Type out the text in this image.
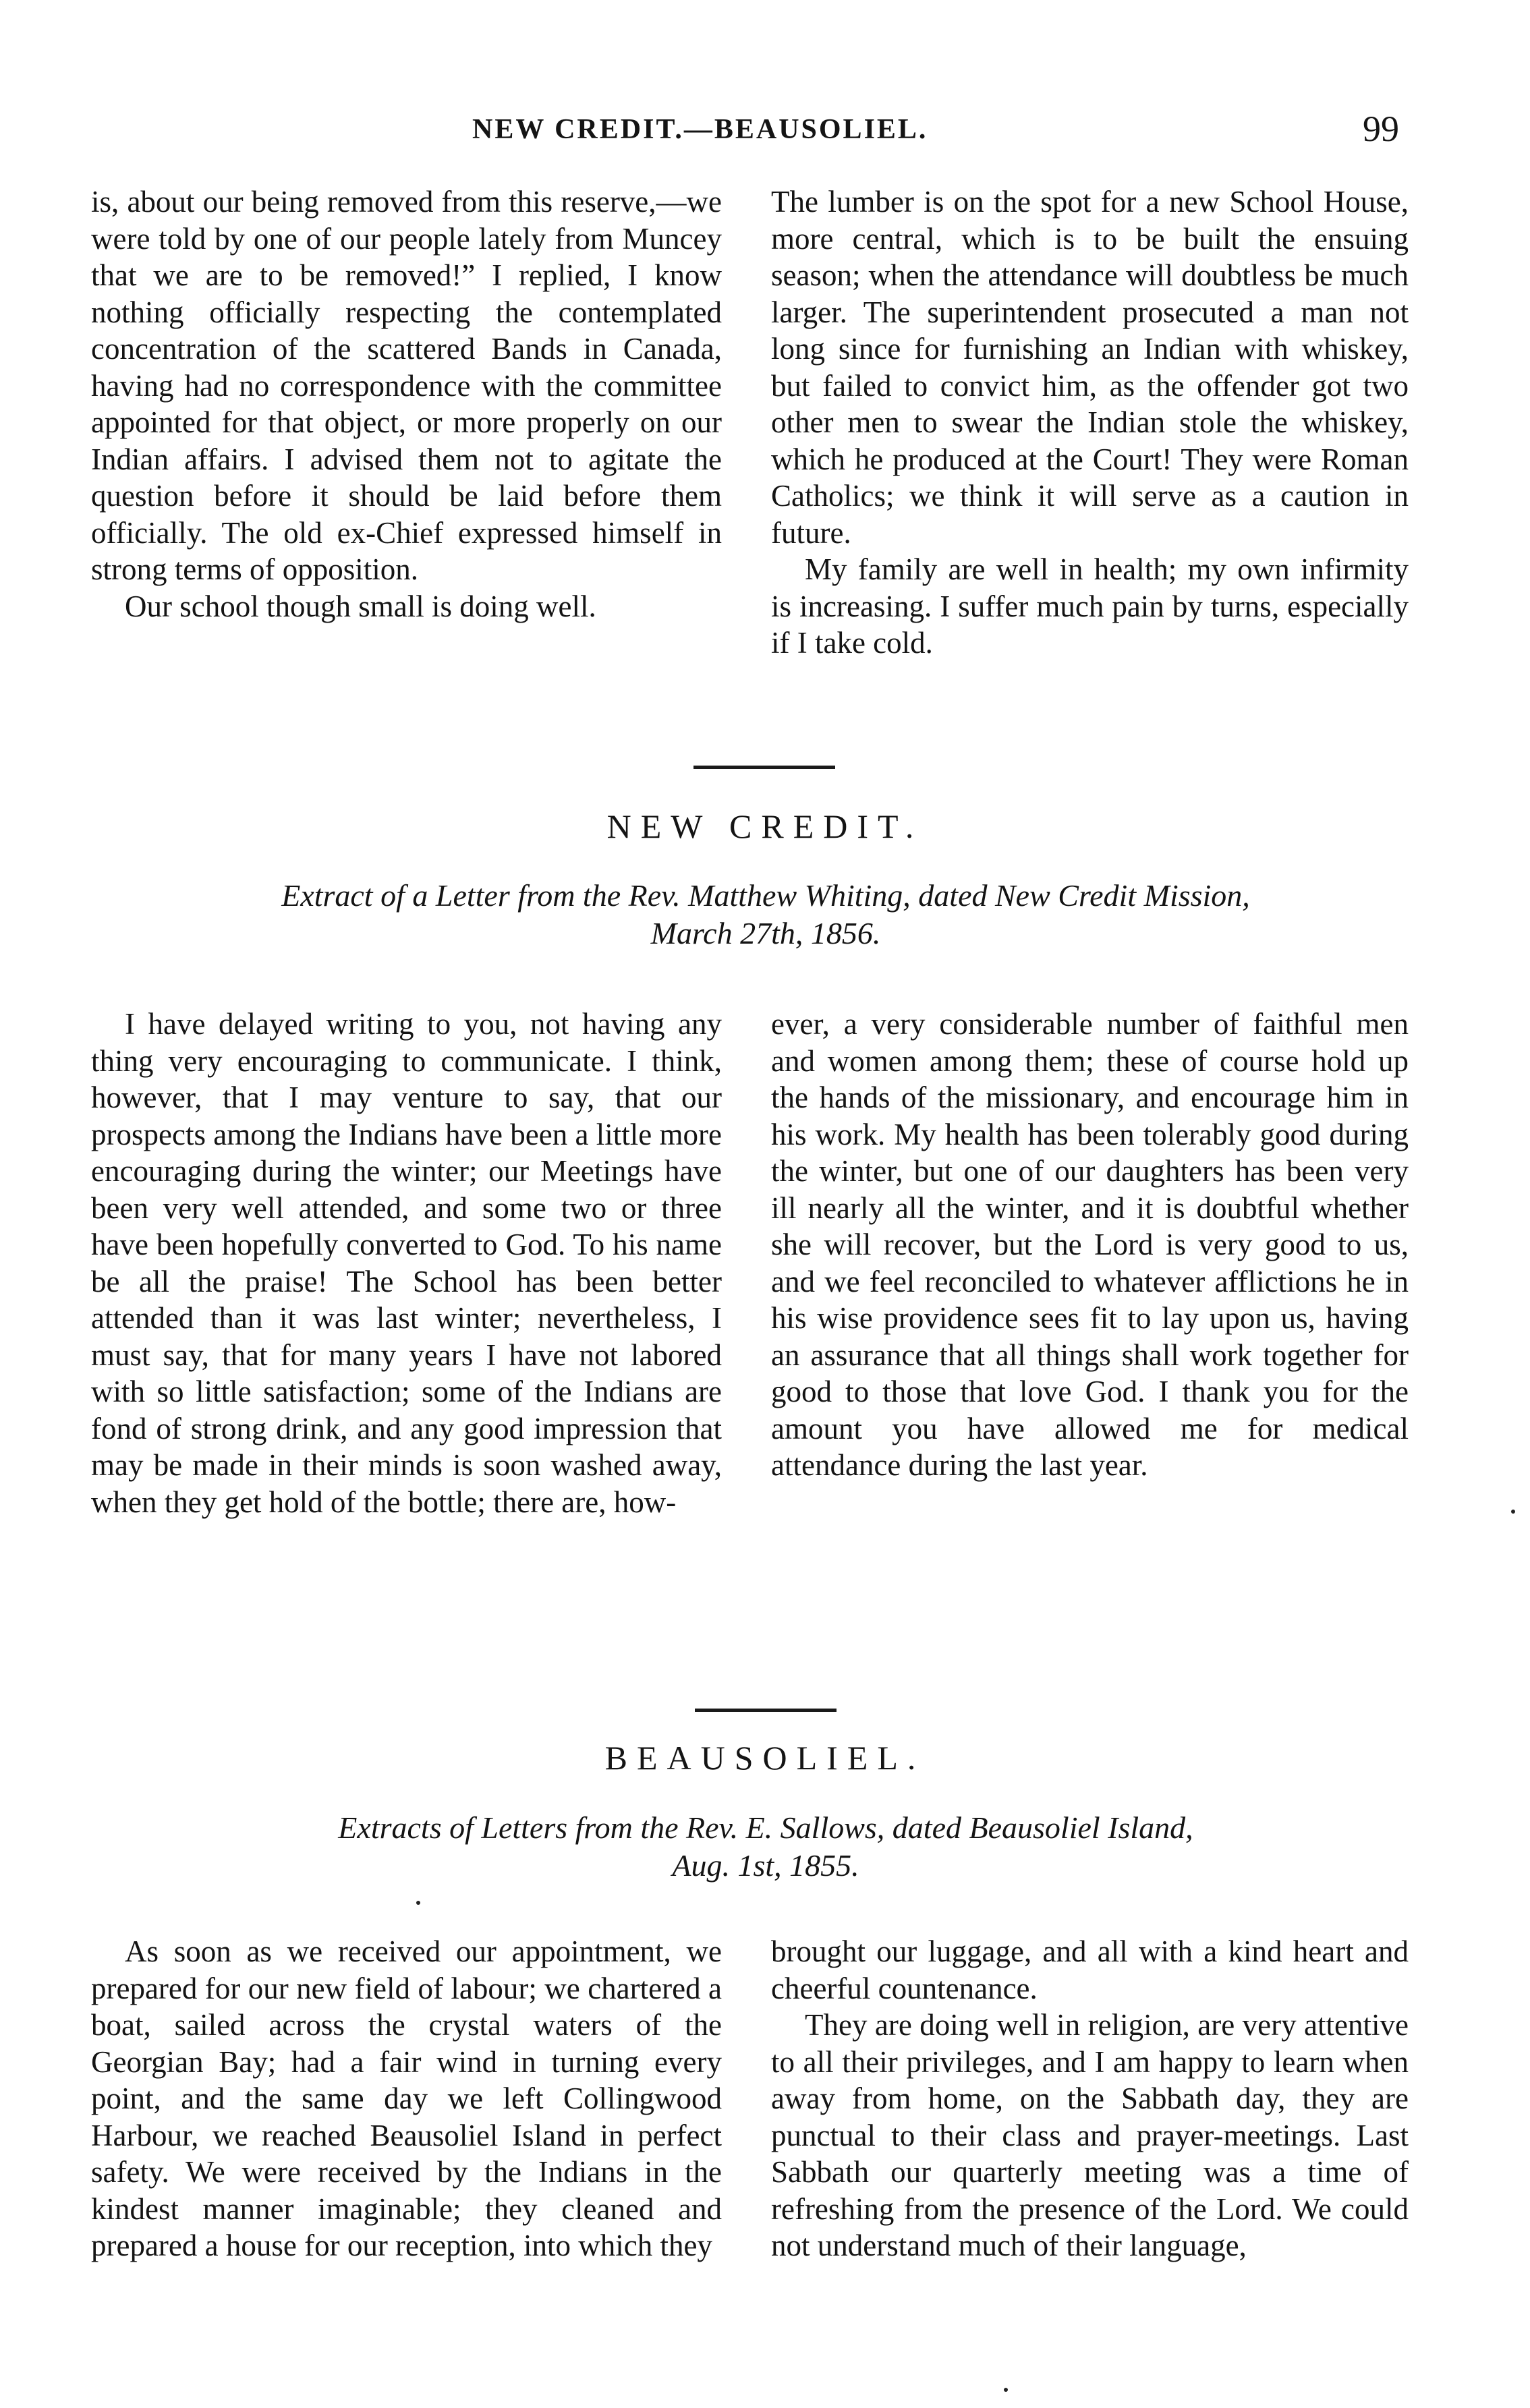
NEW CREDIT.—BEAUSOLIEL.	99

is, about our being removed from this reserve,—we were told by one of our people lately from Muncey that we are to be removed!” I replied, I know nothing officially respecting the contemplated concentration of the scattered Bands in Canada, having had no correspondence with the committee appointed for that object, or more properly on our Indian affairs. I advised them not to agitate the question before it should be laid before them officially. The old ex-Chief expressed himself in strong terms of opposition.

Our school though small is doing well.

The lumber is on the spot for a new School House, more central, which is to be built the ensuing season; when the attendance will doubtless be much larger. The superintendent prosecuted a man not long since for furnishing an Indian with whiskey, but failed to convict him, as the offender got two other men to swear the Indian stole the whiskey, which he produced at the Court! They were Roman Catholics; we think it will serve as a caution in future.

My family are well in health; my own infirmity is increasing. I suffer much pain by turns, especially if I take cold.

NEW CREDIT.
Extract of a Letter from the Rev. Matthew Whiting, dated New Credit Mission,
March 27th, 1856.

I have delayed writing to you, not having any thing very encouraging to communicate. I think, however, that I may venture to say, that our prospects among the Indians have been a little more encouraging during the winter; our Meetings have been very well attended, and some two or three have been hopefully converted to God. To his name be all the praise! The School has been better attended than it was last winter; nevertheless, I must say, that for many years I have not labored with so little satisfaction; some of the Indians are fond of strong drink, and any good impression that may be made in their minds is soon washed away, when they get hold of the bottle; there are, how-

ever, a very considerable number of faithful men and women among them; these of course hold up the hands of the missionary, and encourage him in his work. My health has been tolerably good during the winter, but one of our daughters has been very ill nearly all the winter, and it is doubtful whether she will recover, but the Lord is very good to us, and we feel reconciled to whatever afflictions he in his wise providence sees fit to lay upon us, having an assurance that all things shall work together for good to those that love God. I thank you for the amount you have allowed me for medical attendance during the last year.

BEAUSOLIEL.
Extracts of Letters from the Rev. E. Sallows, dated Beausoliel Island,
Aug. 1st, 1855.

As soon as we received our appointment, we prepared for our new field of labour; we chartered a boat, sailed across the crystal waters of the Georgian Bay; had a fair wind in turning every point, and the same day we left Collingwood Harbour, we reached Beausoliel Island in perfect safety. We were received by the Indians in the kindest manner imaginable; they cleaned and prepared a house for our reception, into which they

brought our luggage, and all with a kind heart and cheerful countenance.

They are doing well in religion, are very attentive to all their privileges, and I am happy to learn when away from home, on the Sabbath day, they are punctual to their class and prayer-meetings. Last Sabbath our quarterly meeting was a time of refreshing from the presence of the Lord. We could not understand much of their language,
